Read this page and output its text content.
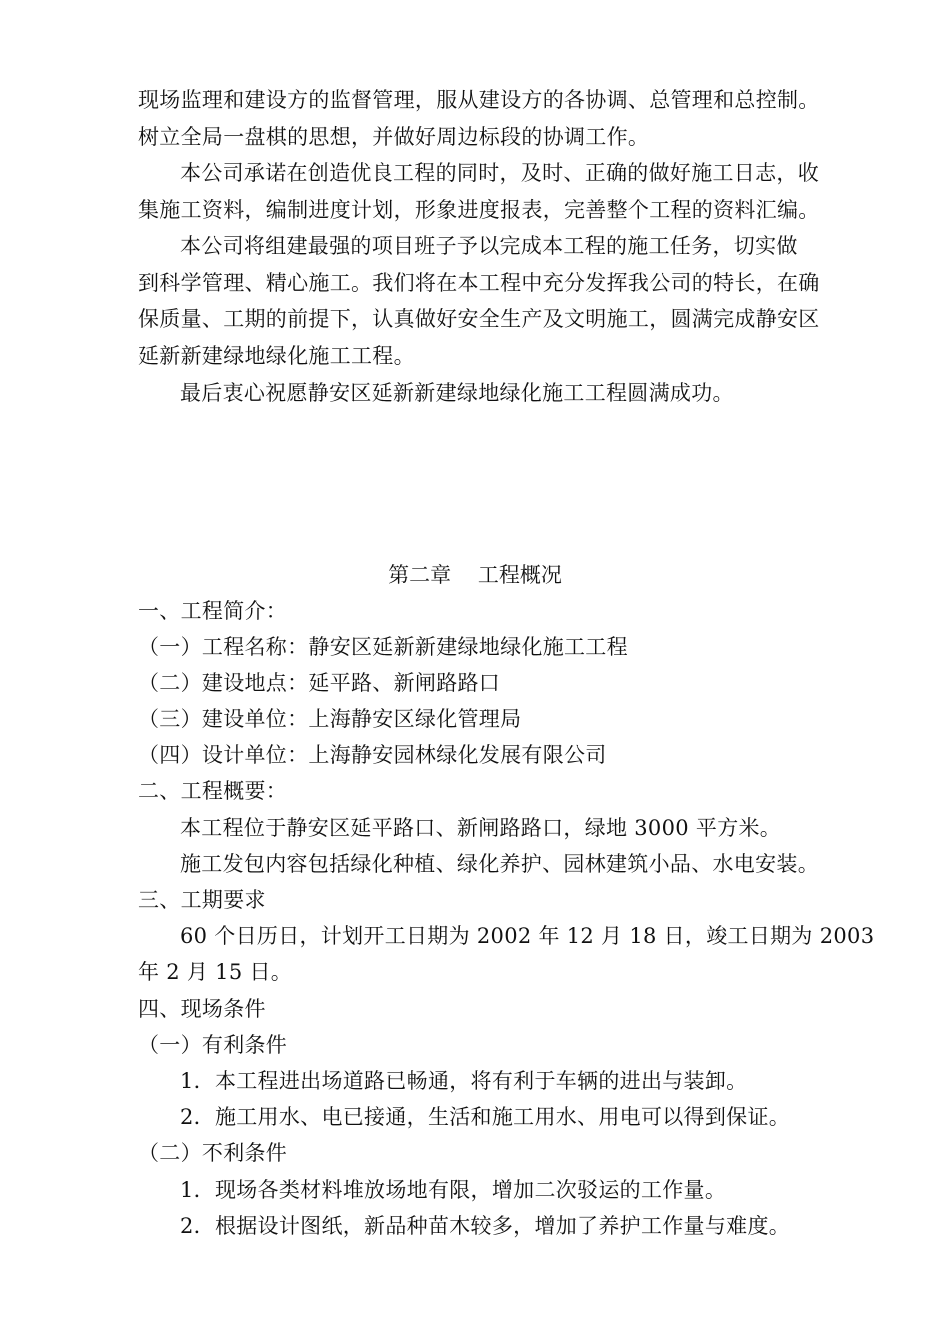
现场监理和建设方的监督管理，服从建设方的各协调、总管理和总控制。
树立全局一盘棋的思想，并做好周边标段的协调工作。
本公司承诺在创造优良工程的同时，及时、正确的做好施工日志，收
集施工资料，编制进度计划，形象进度报表，完善整个工程的资料汇编。
本公司将组建最强的项目班子予以完成本工程的施工任务，切实做
到科学管理、精心施工。我们将在本工程中充分发挥我公司的特长，在确
保质量、工期的前提下，认真做好安全生产及文明施工，圆满完成静安区
延新新建绿地绿化施工工程。
最后衷心祝愿静安区延新新建绿地绿化施工工程圆满成功。
第二章    工程概况
一、工程简介：
（一）工程名称：静安区延新新建绿地绿化施工工程
（二）建设地点：延平路、新闸路路口
（三）建设单位：上海静安区绿化管理局
（四）设计单位：上海静安园林绿化发展有限公司
二、工程概要：
本工程位于静安区延平路口、新闸路路口，绿地 3000 平方米。
施工发包内容包括绿化种植、绿化养护、园林建筑小品、水电安装。
三、工期要求
60 个日历日，计划开工日期为 2002 年 12 月 18 日，竣工日期为 2003
年 2 月 15 日。
四、现场条件
（一）有利条件
1．本工程进出场道路已畅通，将有利于车辆的进出与装卸。
2．施工用水、电已接通，生活和施工用水、用电可以得到保证。
（二）不利条件
1．现场各类材料堆放场地有限，增加二次驳运的工作量。
2．根据设计图纸，新品种苗木较多，增加了养护工作量与难度。
